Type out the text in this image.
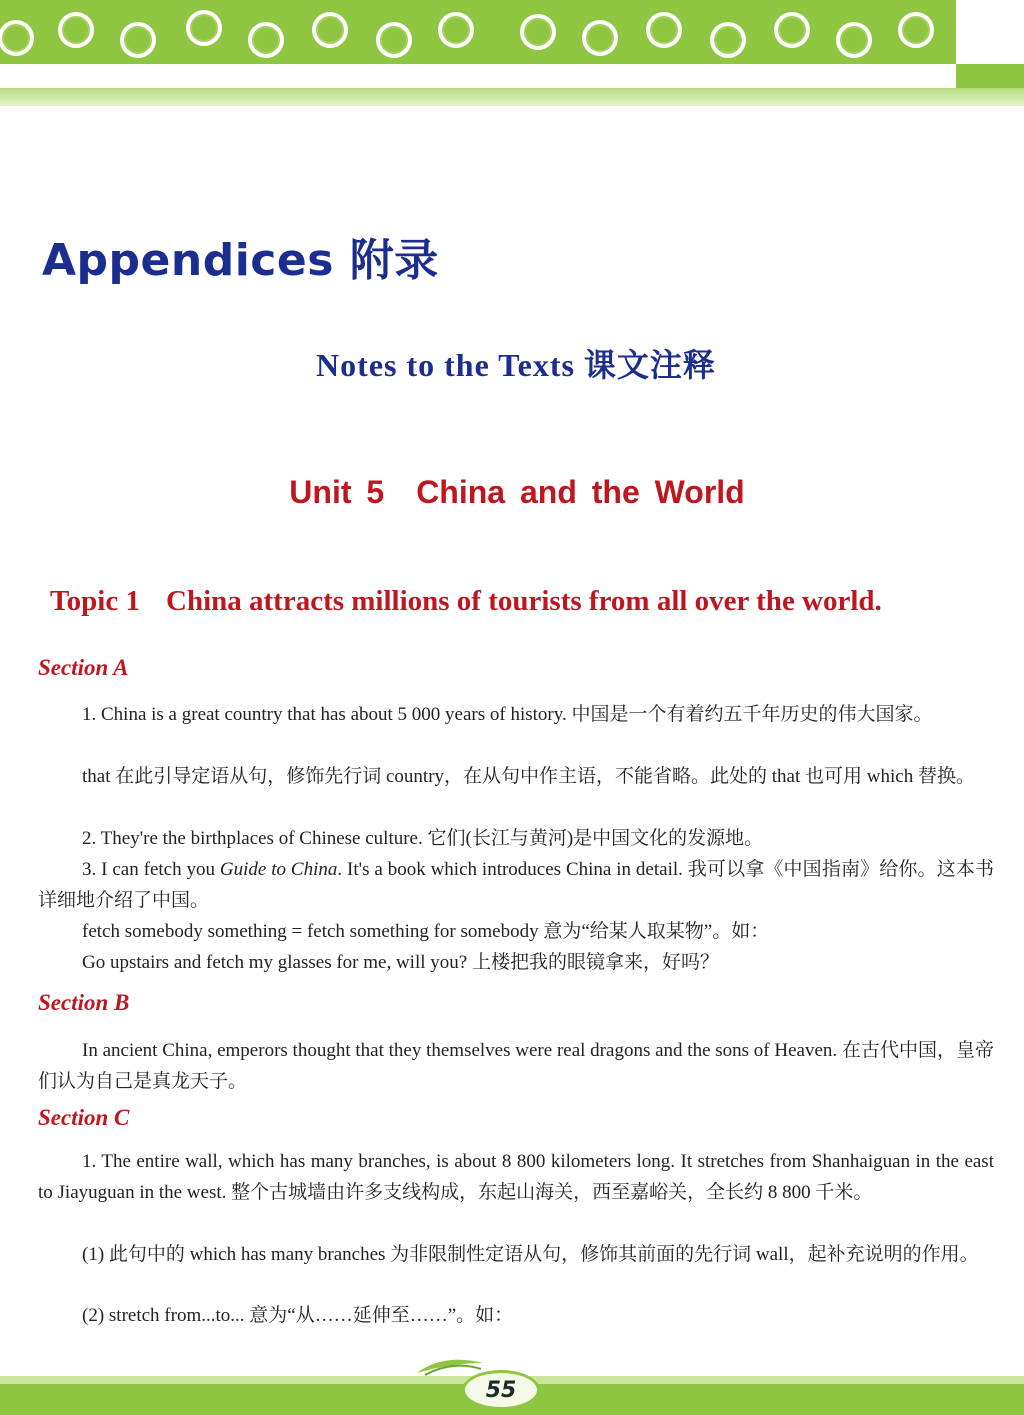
Appendices 附录
Notes to the Texts 课文注释
Unit 5 China and the World
Topic 1 China attracts millions of tourists from all over the world.
Section A

1. China is a great country that has about 5 000 years of history. 中国是一个有着约五千年历史的伟大国家。

that 在此引导定语从句，修饰先行词 country，在从句中作主语，不能省略。此处的 that 也可用 which 替换。

2. They're the birthplaces of Chinese culture. 它们(长江与黄河)是中国文化的发源地。

3. I can fetch you Guide to China. It's a book which introduces China in detail. 我可以拿《中国指南》给你。这本书详细地介绍了中国。

fetch somebody something = fetch something for somebody 意为“给某人取某物”。如：

Go upstairs and fetch my glasses for me, will you? 上楼把我的眼镜拿来，好吗？

Section B

In ancient China, emperors thought that they themselves were real dragons and the sons of Heaven. 在古代中国，皇帝们认为自己是真龙天子。

Section C

1. The entire wall, which has many branches, is about 8 800 kilometers long. It stretches from Shanhaiguan in the east to Jiayuguan in the west. 整个古城墙由许多支线构成，东起山海关，西至嘉峪关，全长约 8 800 千米。

(1) 此句中的 which has many branches 为非限制性定语从句，修饰其前面的先行词 wall，起补充说明的作用。

(2) stretch from...to... 意为“从……延伸至……”。如：

55
